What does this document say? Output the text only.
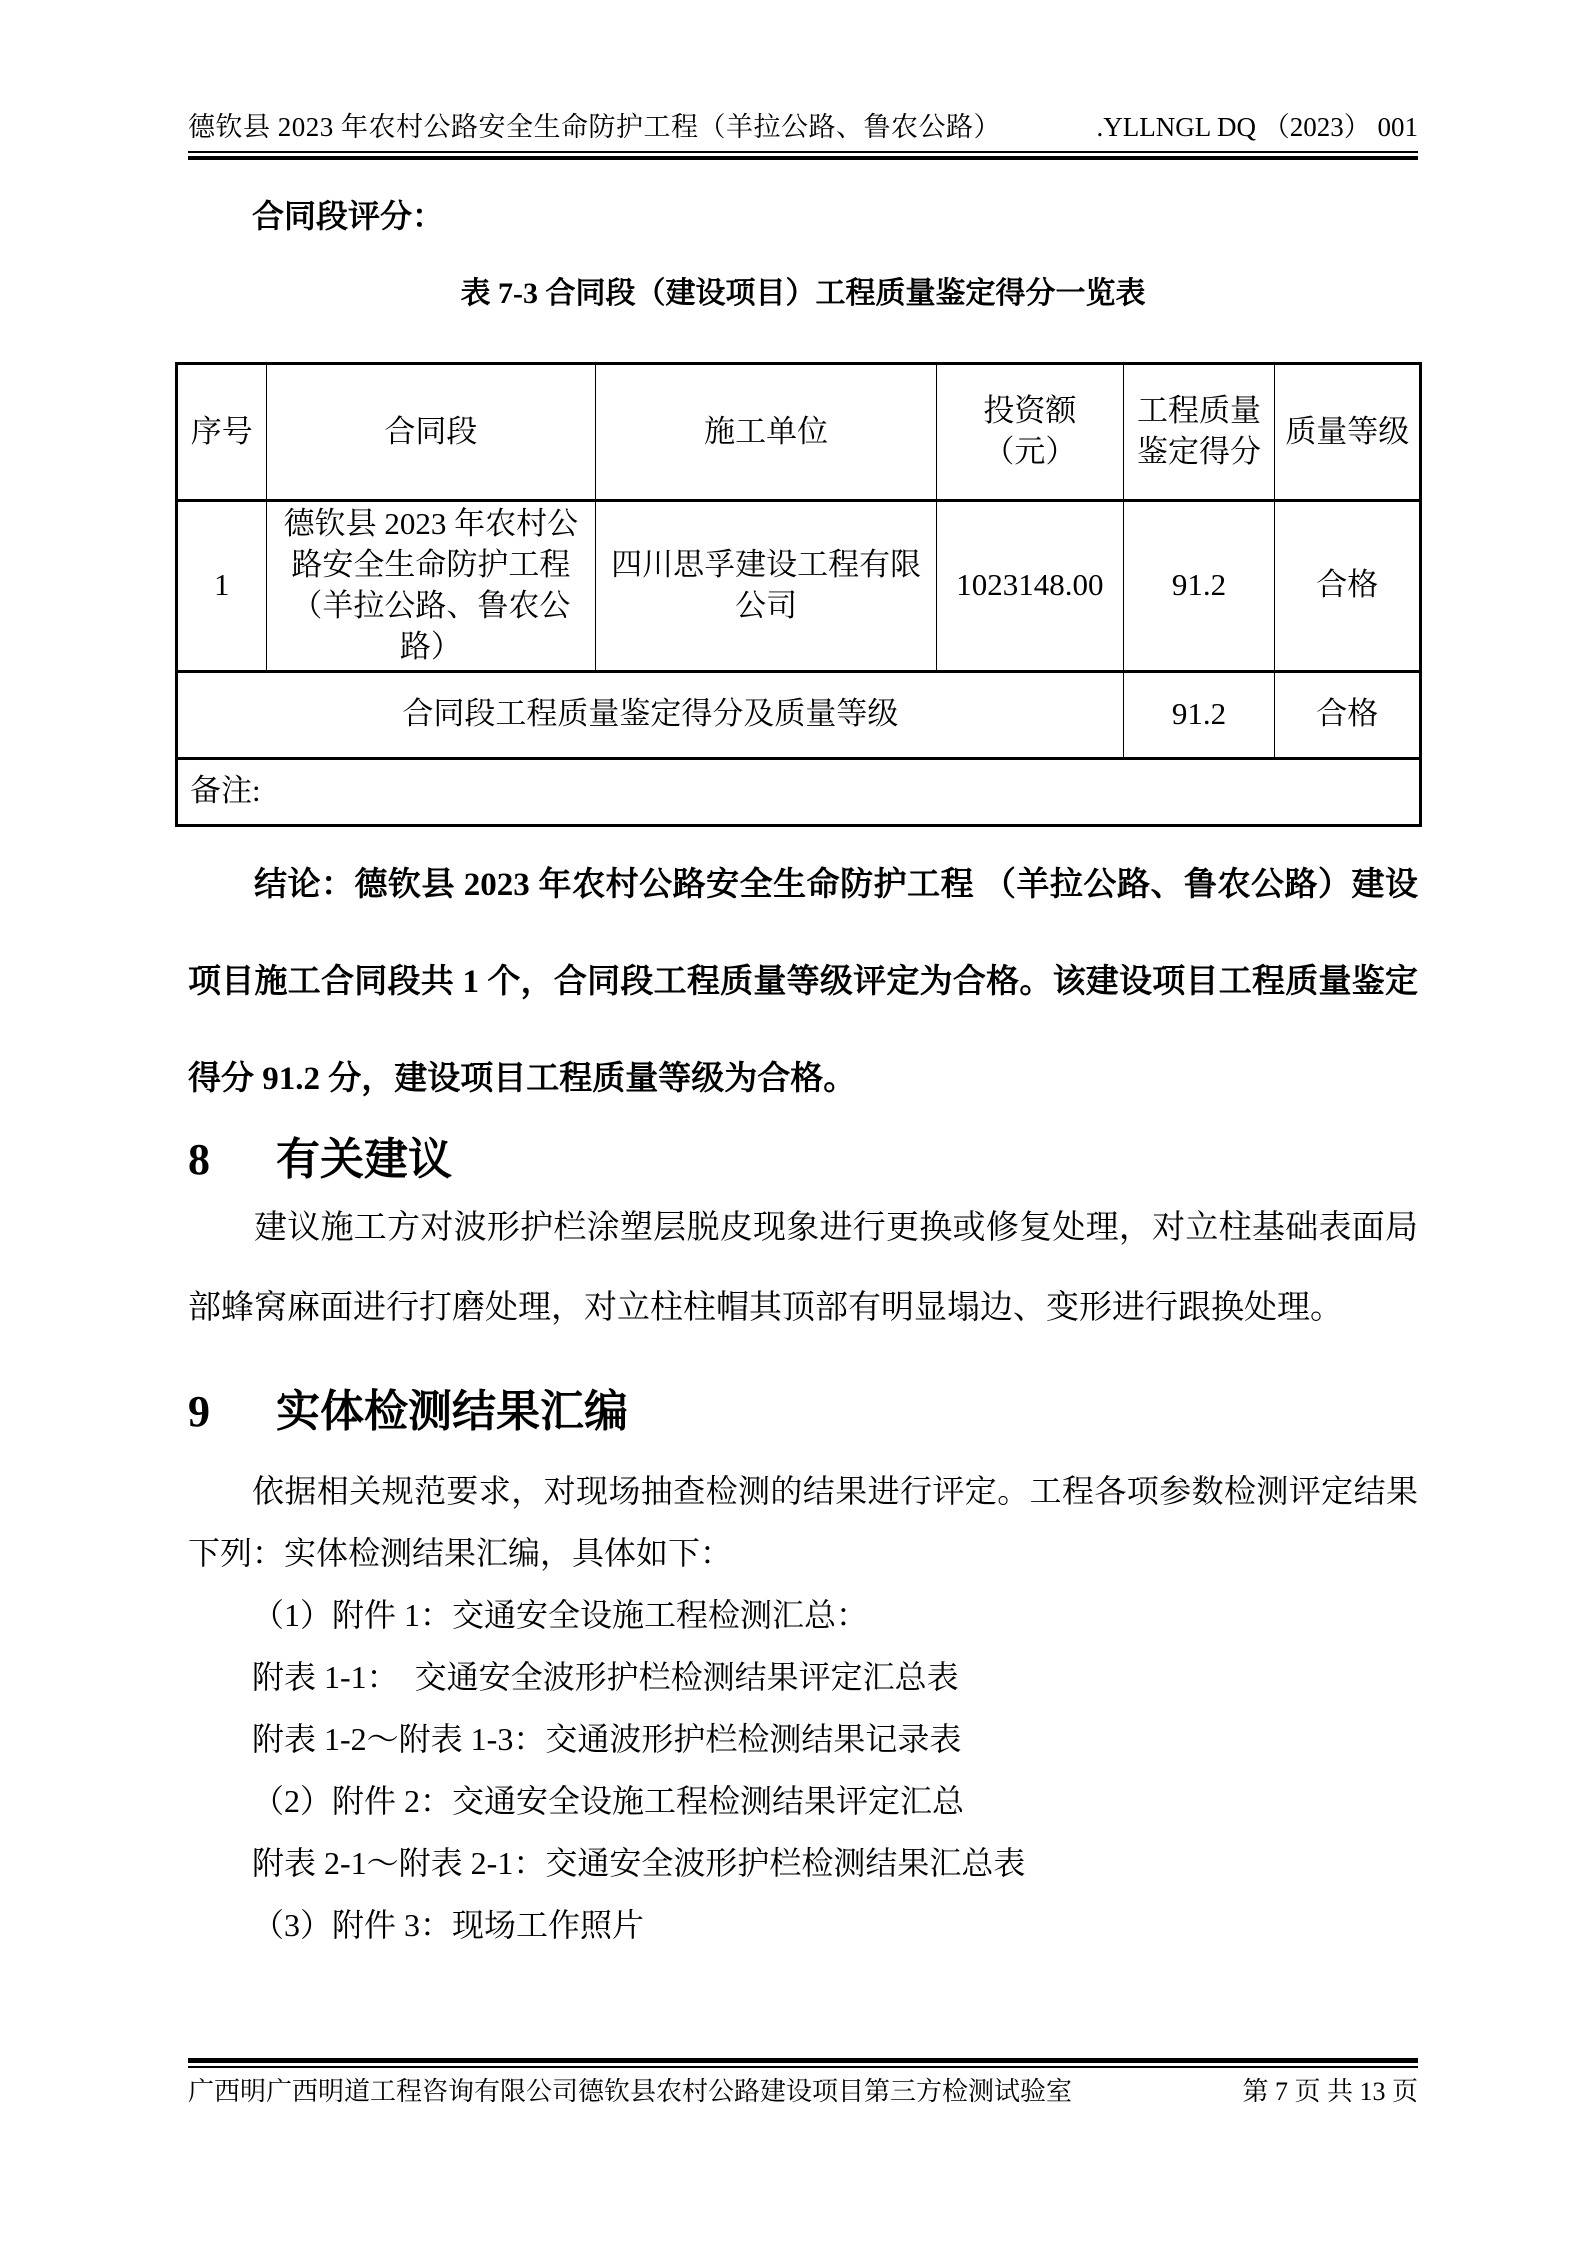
德钦县 2023 年农村公路安全生命防护工程（羊拉公路、鲁农公路）	.YLLNGL DQ （2023） 001
合同段评分：
表 7-3 合同段（建设项目）工程质量鉴定得分一览表
序号	合同段	施工单位	投资额（元）	工程质量鉴定得分	质量等级
1	德钦县 2023 年农村公路安全生命防护工程（羊拉公路、鲁农公路）	四川思孚建设工程有限公司	1023148.00	91.2	合格
合同段工程质量鉴定得分及质量等级				91.2	合格
备注:					
结论：德钦县 2023 年农村公路安全生命防护工程 （羊拉公路、鲁农公路）建设项目施工合同段共 1 个，合同段工程质量等级评定为合格。该建设项目工程质量鉴定得分 91.2 分，建设项目工程质量等级为合格。
8	有关建议
建议施工方对波形护栏涂塑层脱皮现象进行更换或修复处理，对立柱基础表面局部蜂窝麻面进行打磨处理，对立柱柱帽其顶部有明显塌边、变形进行跟换处理。
9	实体检测结果汇编
依据相关规范要求，对现场抽查检测的结果进行评定。工程各项参数检测评定结果下列：实体检测结果汇编，具体如下：
（1）附件 1：交通安全设施工程检测汇总：
附表 1-1：  交通安全波形护栏检测结果评定汇总表
附表 1-2～附表 1-3：交通波形护栏检测结果记录表
（2）附件 2：交通安全设施工程检测结果评定汇总
附表 2-1～附表 2-1：交通安全波形护栏检测结果汇总表
（3）附件 3：现场工作照片
广西明广西明道工程咨询有限公司德钦县农村公路建设项目第三方检测试验室	第 7 页 共 13 页
